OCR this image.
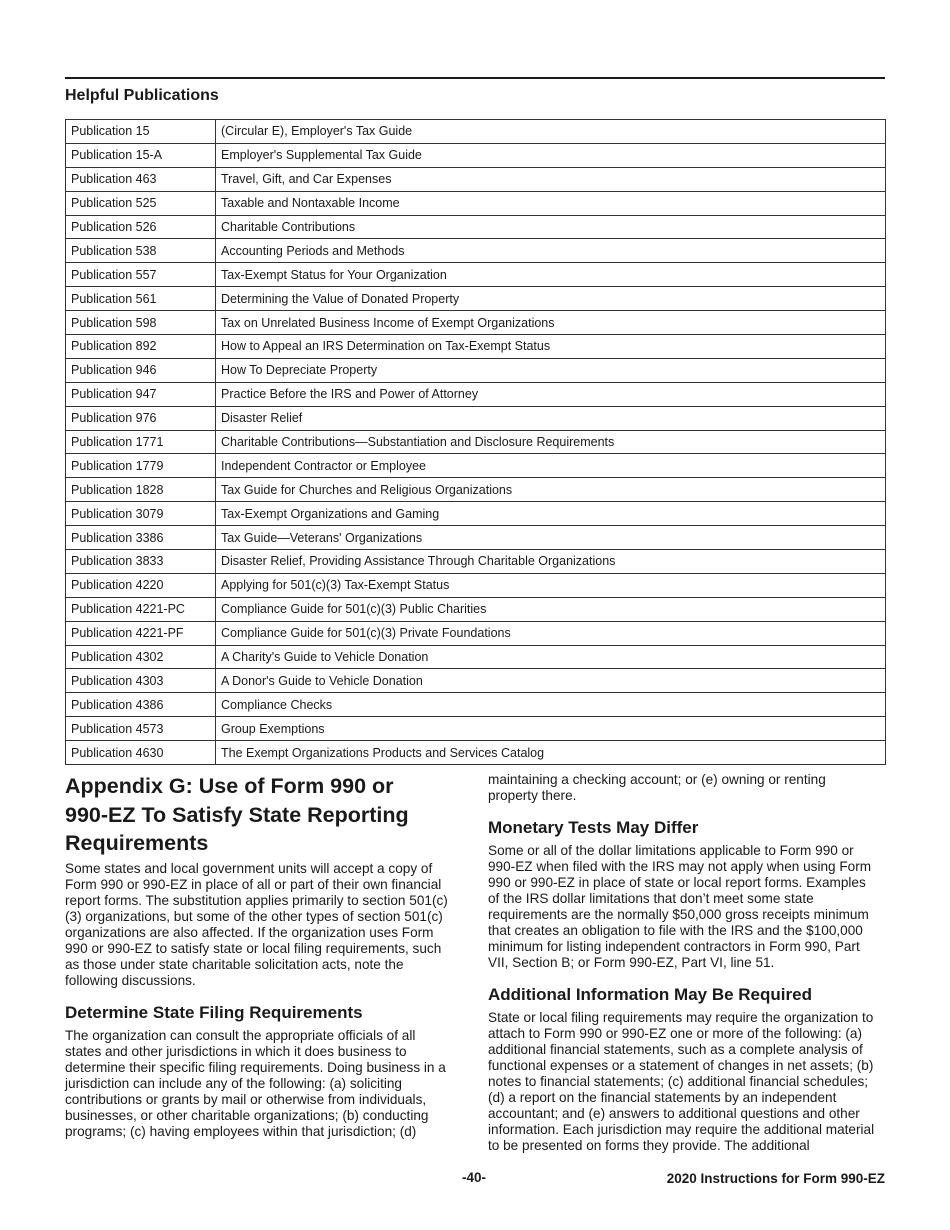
Helpful Publications
Publication 15	(Circular E), Employer's Tax Guide
Publication 15-A	Employer's Supplemental Tax Guide
Publication 463	Travel, Gift, and Car Expenses
Publication 525	Taxable and Nontaxable Income
Publication 526	Charitable Contributions
Publication 538	Accounting Periods and Methods
Publication 557	Tax-Exempt Status for Your Organization
Publication 561	Determining the Value of Donated Property
Publication 598	Tax on Unrelated Business Income of Exempt Organizations
Publication 892	How to Appeal an IRS Determination on Tax-Exempt Status
Publication 946	How To Depreciate Property
Publication 947	Practice Before the IRS and Power of Attorney
Publication 976	Disaster Relief
Publication 1771	Charitable Contributions—Substantiation and Disclosure Requirements
Publication 1779	Independent Contractor or Employee
Publication 1828	Tax Guide for Churches and Religious Organizations
Publication 3079	Tax-Exempt Organizations and Gaming
Publication 3386	Tax Guide—Veterans' Organizations
Publication 3833	Disaster Relief, Providing Assistance Through Charitable Organizations
Publication 4220	Applying for 501(c)(3) Tax-Exempt Status
Publication 4221-PC	Compliance Guide for 501(c)(3) Public Charities
Publication 4221-PF	Compliance Guide for 501(c)(3) Private Foundations
Publication 4302	A Charity's Guide to Vehicle Donation
Publication 4303	A Donor's Guide to Vehicle Donation
Publication 4386	Compliance Checks
Publication 4573	Group Exemptions
Publication 4630	The Exempt Organizations Products and Services Catalog
Appendix G: Use of Form 990 or
990-EZ To Satisfy State Reporting
Requirements
Some states and local government units will accept a copy of
Form 990 or 990-EZ in place of all or part of their own financial
report forms. The substitution applies primarily to section 501(c)
(3) organizations, but some of the other types of section 501(c)
organizations are also affected. If the organization uses Form
990 or 990-EZ to satisfy state or local filing requirements, such
as those under state charitable solicitation acts, note the
following discussions.
Determine State Filing Requirements
The organization can consult the appropriate officials of all
states and other jurisdictions in which it does business to
determine their specific filing requirements. Doing business in a
jurisdiction can include any of the following: (a) soliciting
contributions or grants by mail or otherwise from individuals,
businesses, or other charitable organizations; (b) conducting
programs; (c) having employees within that jurisdiction; (d)
maintaining a checking account; or (e) owning or renting
property there.
Monetary Tests May Differ
Some or all of the dollar limitations applicable to Form 990 or
990-EZ when filed with the IRS may not apply when using Form
990 or 990-EZ in place of state or local report forms. Examples
of the IRS dollar limitations that don’t meet some state
requirements are the normally $50,000 gross receipts minimum
that creates an obligation to file with the IRS and the $100,000
minimum for listing independent contractors in Form 990, Part
VII, Section B; or Form 990-EZ, Part VI, line 51.
Additional Information May Be Required
State or local filing requirements may require the organization to
attach to Form 990 or 990-EZ one or more of the following: (a)
additional financial statements, such as a complete analysis of
functional expenses or a statement of changes in net assets; (b)
notes to financial statements; (c) additional financial schedules;
(d) a report on the financial statements by an independent
accountant; and (e) answers to additional questions and other
information. Each jurisdiction may require the additional material
to be presented on forms they provide. The additional
-40-	2020 Instructions for Form 990-EZ
